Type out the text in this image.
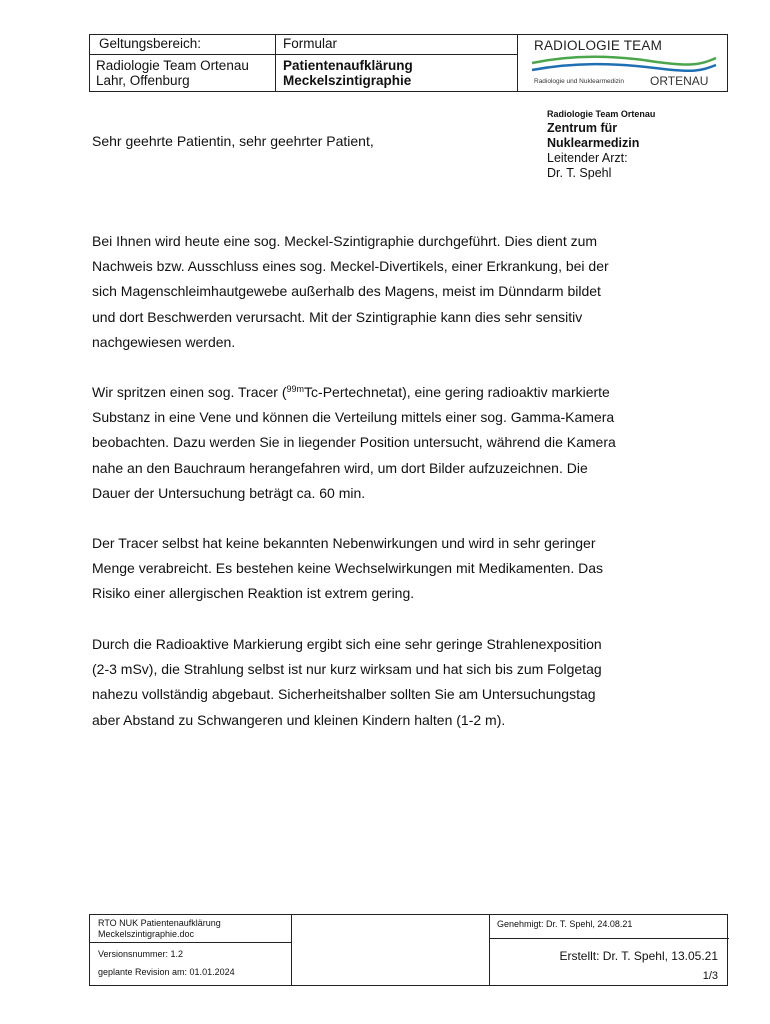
Geltungsbereich:
Radiologie Team Ortenau
Lahr, Offenburg
Formular
Patientenaufklärung
Meckelszintigraphie
RADIOLOGIE TEAM
Radiologie und Nuklearmedizin ORTENAU
Radiologie Team Ortenau
Zentrum für
Nuklearmedizin
Leitender Arzt:
Dr. T. Spehl
Sehr geehrte Patientin, sehr geehrter Patient,
Bei Ihnen wird heute eine sog. Meckel-Szintigraphie durchgeführt. Dies dient zum
Nachweis bzw. Ausschluss eines sog. Meckel-Divertikels, einer Erkrankung, bei der
sich Magenschleimhautgewebe außerhalb des Magens, meist im Dünndarm bildet
und dort Beschwerden verursacht. Mit der Szintigraphie kann dies sehr sensitiv
nachgewiesen werden.
Wir spritzen einen sog. Tracer ($^{99m}$Tc-Pertechnetat), eine gering radioaktiv markierte
Substanz in eine Vene und können die Verteilung mittels einer sog. Gamma-Kamera
beobachten. Dazu werden Sie in liegender Position untersucht, während die Kamera
nahe an den Bauchraum herangefahren wird, um dort Bilder aufzuzeichnen. Die
Dauer der Untersuchung beträgt ca. 60 min.
Der Tracer selbst hat keine bekannten Nebenwirkungen und wird in sehr geringer
Menge verabreicht. Es bestehen keine Wechselwirkungen mit Medikamenten. Das
Risiko einer allergischen Reaktion ist extrem gering.
Durch die Radioaktive Markierung ergibt sich eine sehr geringe Strahlenexposition
(2-3 mSv), die Strahlung selbst ist nur kurz wirksam und hat sich bis zum Folgetag
nahezu vollständig abgebaut. Sicherheitshalber sollten Sie am Untersuchungstag
aber Abstand zu Schwangeren und kleinen Kindern halten (1-2 m).
RTO NUK Patientenaufklärung
Meckelszintigraphie.doc
Versionsnummer: 1.2
geplante Revision am: 01.01.2024
Genehmigt: Dr. T. Spehl, 24.08.21
Erstellt: Dr. T. Spehl, 13.05.21
1/3
